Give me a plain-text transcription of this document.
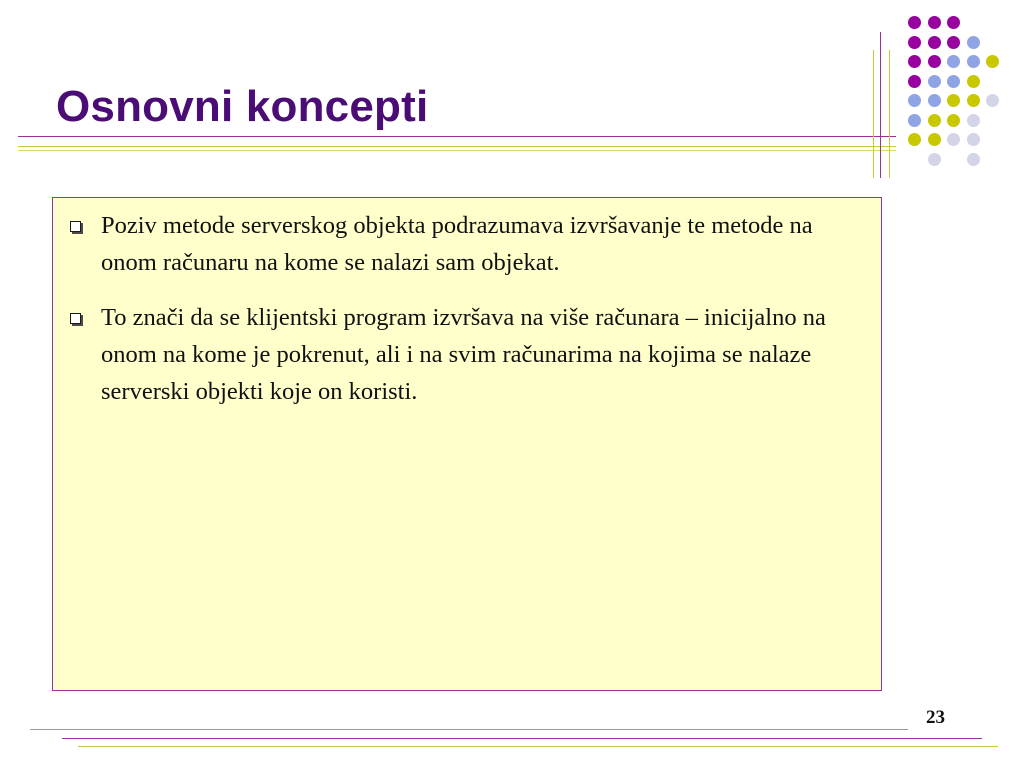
Osnovni koncepti
Poziv metode serverskog objekta podrazumava izvršavanje te metode na onom računaru na kome se nalazi sam objekat.
To znači da se klijentski program izvršava na više računara – inicijalno na onom na kome je pokrenut, ali i na svim računarima na kojima se nalaze serverski objekti koje on koristi.
23
